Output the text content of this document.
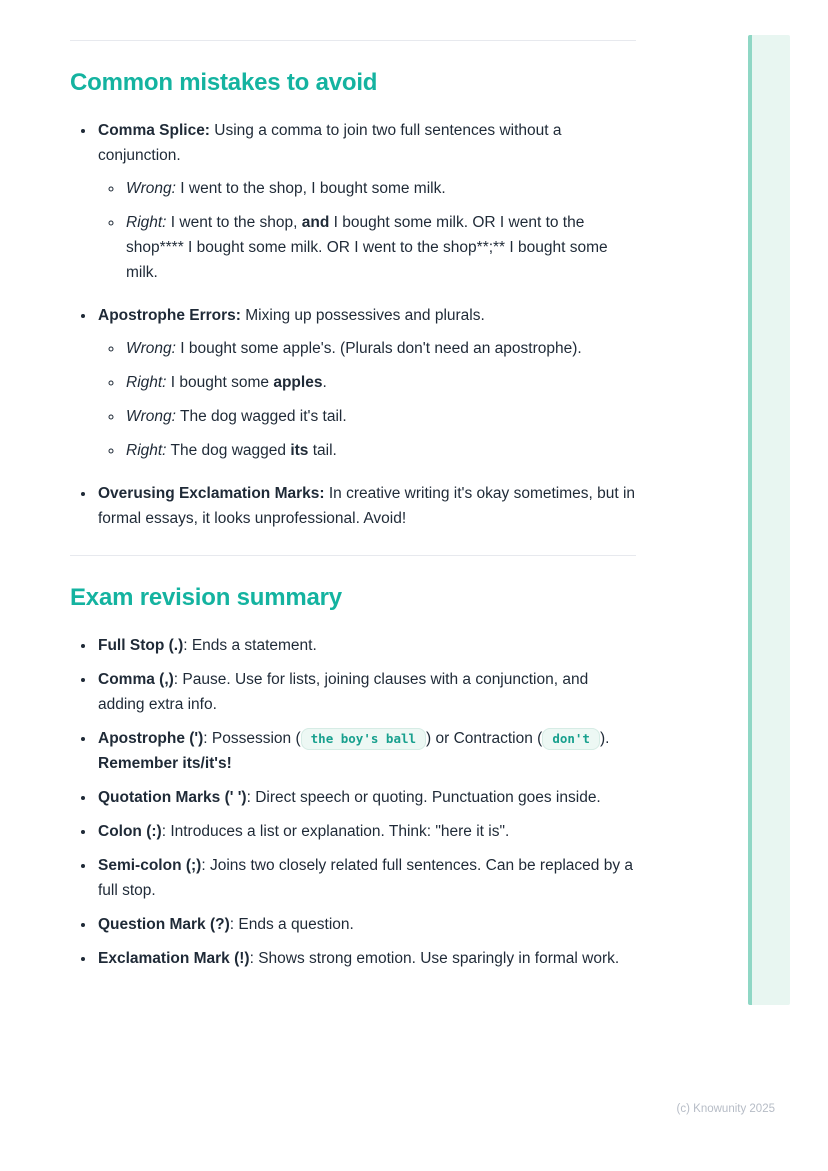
Common mistakes to avoid
• Comma Splice: Using a comma to join two full sentences without a conjunction.
◦ Wrong: I went to the shop, I bought some milk.
◦ Right: I went to the shop, and I bought some milk. OR I went to the shop**** I bought some milk. OR I went to the shop**;** I bought some milk.
• Apostrophe Errors: Mixing up possessives and plurals.
◦ Wrong: I bought some apple's. (Plurals don't need an apostrophe).
◦ Right: I bought some apples.
◦ Wrong: The dog wagged it's tail.
◦ Right: The dog wagged its tail.
• Overusing Exclamation Marks: In creative writing it's okay sometimes, but in formal essays, it looks unprofessional. Avoid!
Exam revision summary
• Full Stop (.): Ends a statement.
• Comma (,): Pause. Use for lists, joining clauses with a conjunction, and adding extra info.
• Apostrophe ('): Possession ( the boy's ball ) or Contraction ( don't ). Remember its/it's!
• Quotation Marks (' '): Direct speech or quoting. Punctuation goes inside.
• Colon (:): Introduces a list or explanation. Think: "here it is".
• Semi-colon (;): Joins two closely related full sentences. Can be replaced by a full stop.
• Question Mark (?): Ends a question.
• Exclamation Mark (!): Shows strong emotion. Use sparingly in formal work.
(c) Knowunity 2025
